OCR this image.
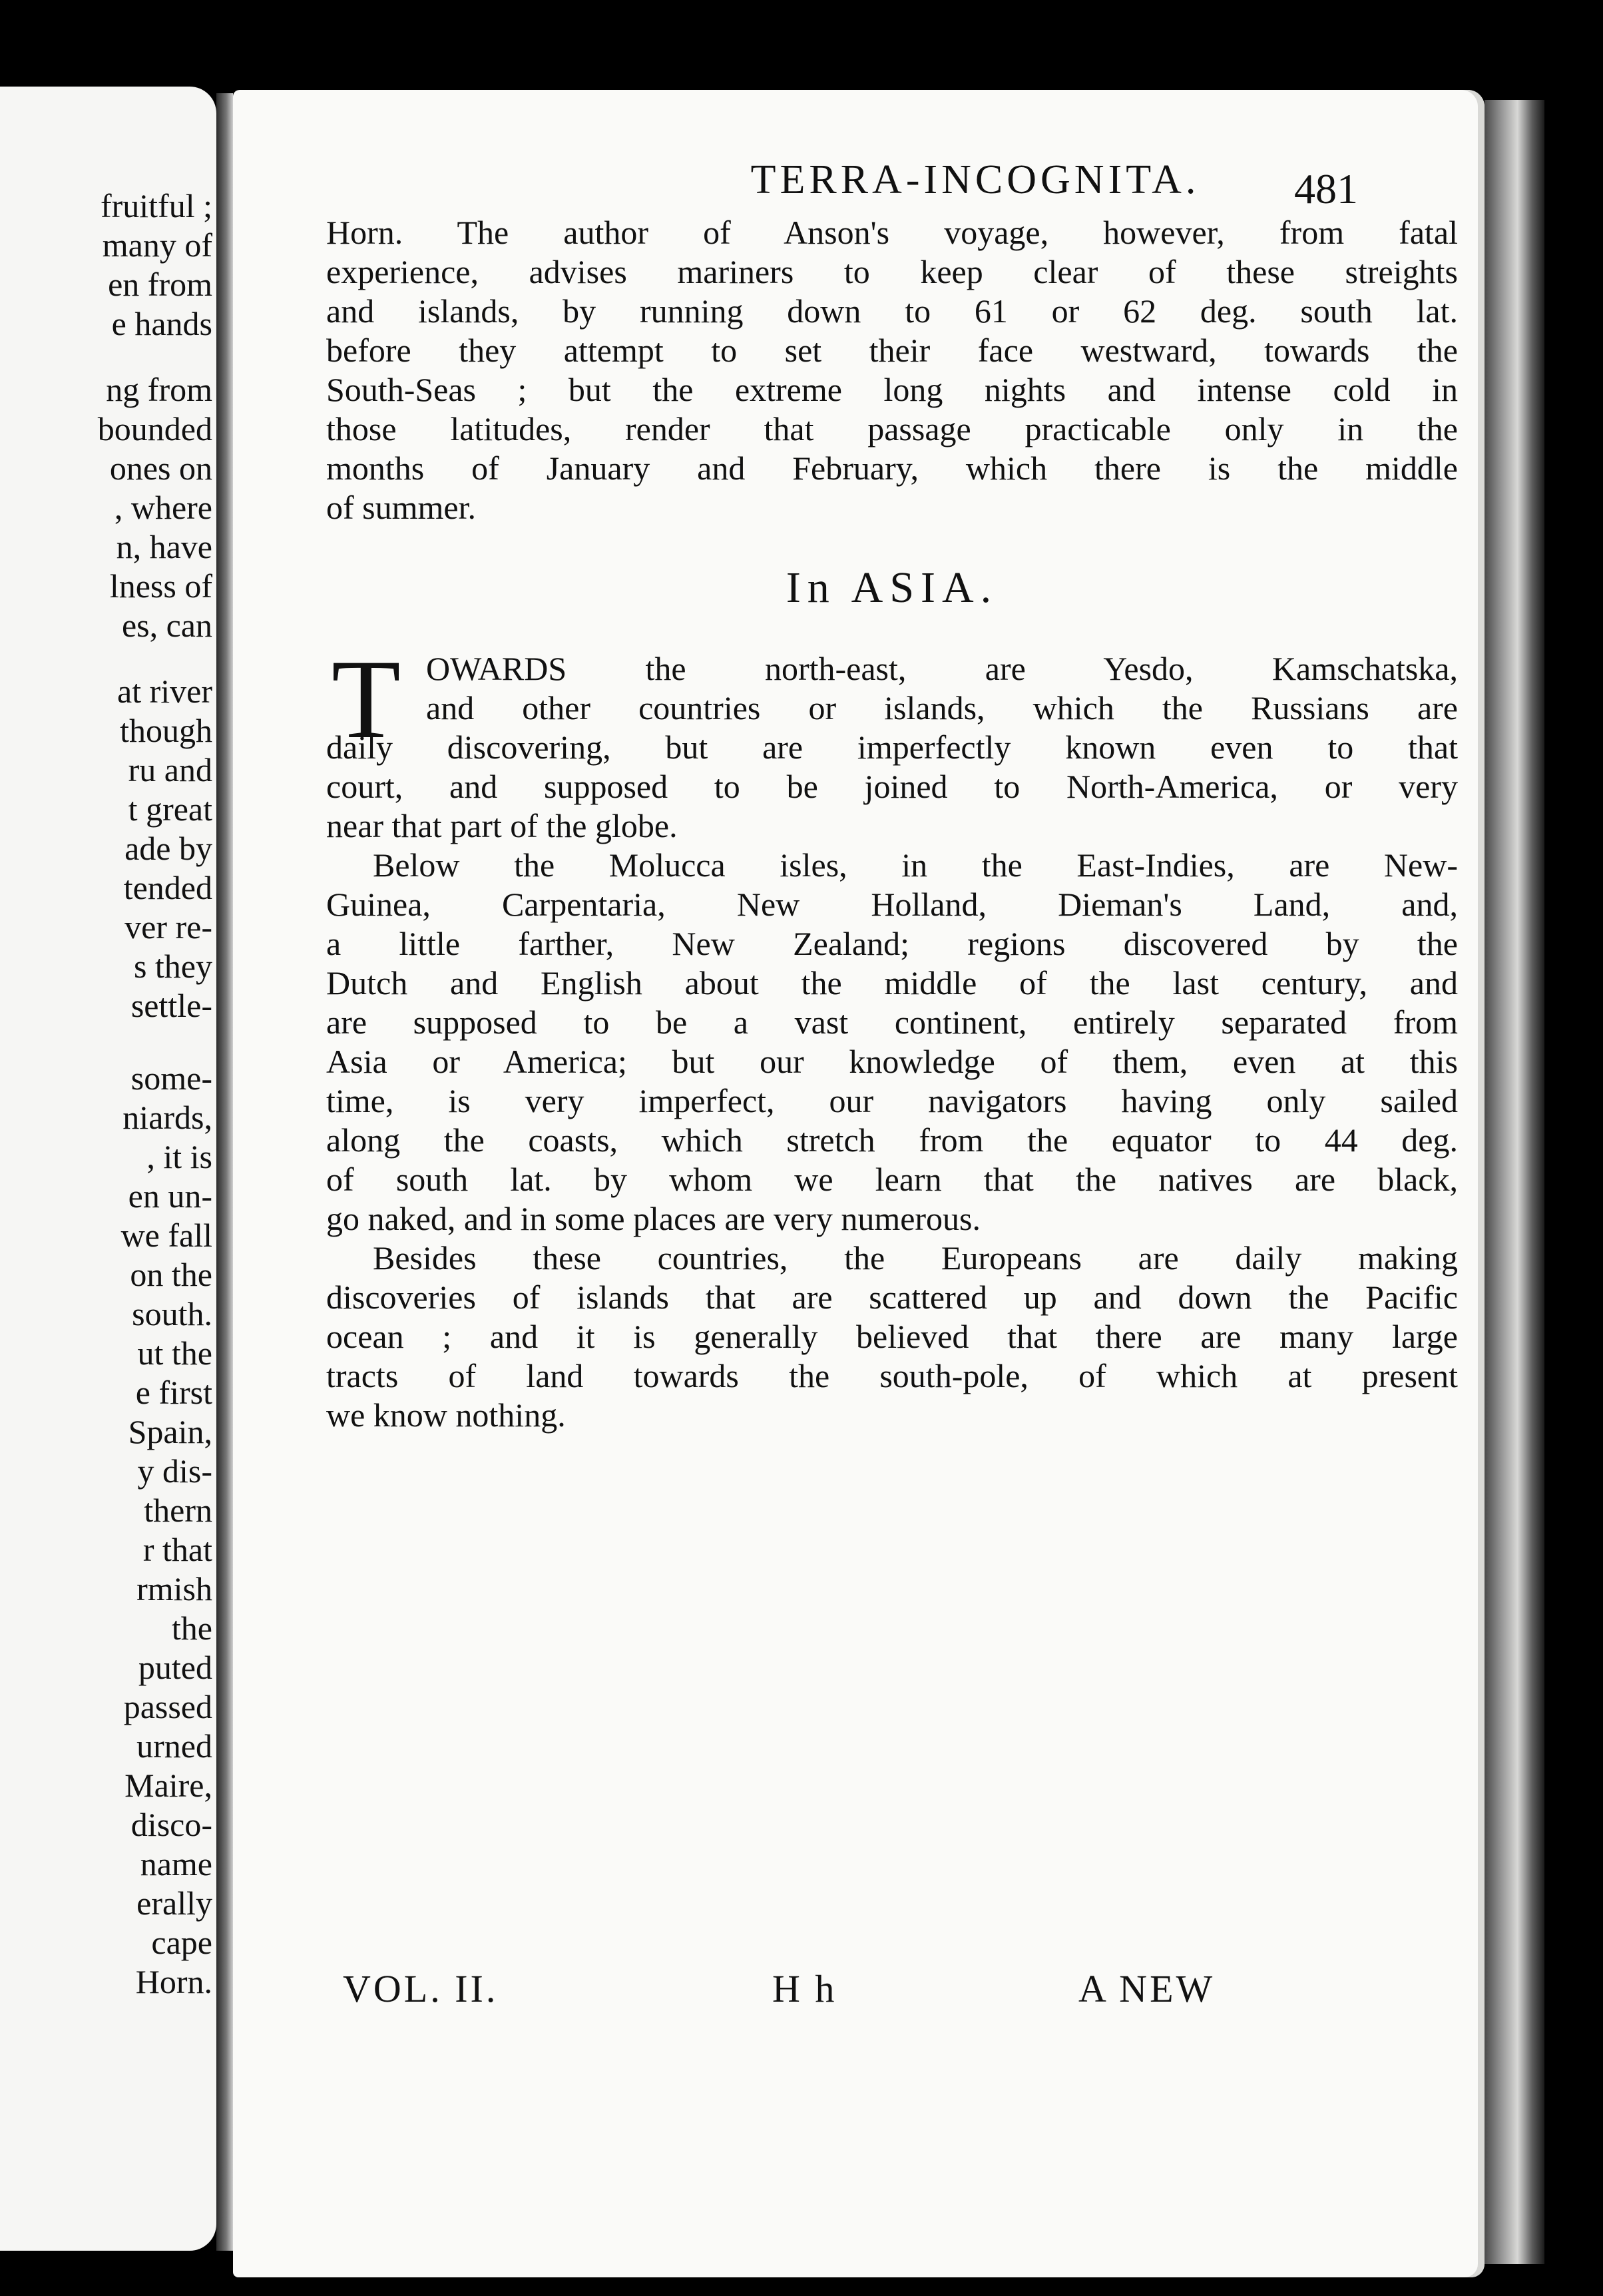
fruitful ;
many of
en from
e hands
ng from
bounded
ones on
, where
n, have
lness of
es, can
at river
though
ru and
t great
ade by
tended
ver re-
s they
settle-
some-
niards,
, it is
en un-
we fall
on the
south.
ut the
e first
Spain,
y dis-
thern
r that
rmish
the
puted
passed
urned
Maire,
disco-
name
erally
cape
Horn.
TERRA-INCOGNITA.	481
Horn. The author of Anson's voyage, however, from fatal
experience, advises mariners to keep clear of these streights
and islands, by running down to 61 or 62 deg. south lat.
before they attempt to set their face westward, towards the
South-Seas ; but the extreme long nights and intense cold in
those latitudes, render that passage practicable only in the
months of January and February, which there is the middle
of summer.
In ASIA.
T OWARDS the north-east, are Yesdo, Kamschatska,
and other countries or islands, which the Russians are
daily discovering, but are imperfectly known even to that
court, and supposed to be joined to North-America, or very
near that part of the globe.
Below the Molucca isles, in the East-Indies, are New-
Guinea, Carpentaria, New Holland, Dieman's Land, and,
a little farther, New Zealand; regions discovered by the
Dutch and English about the middle of the last century, and
are supposed to be a vast continent, entirely separated from
Asia or America; but our knowledge of them, even at this
time, is very imperfect, our navigators having only sailed
along the coasts, which stretch from the equator to 44 deg.
of south lat. by whom we learn that the natives are black,
go naked, and in some places are very numerous.
Besides these countries, the Europeans are daily making
discoveries of islands that are scattered up and down the Pacific
ocean ; and it is generally believed that there are many large
tracts of land towards the south-pole, of which at present
we know nothing.
VOL. II.	H h	A NEW
